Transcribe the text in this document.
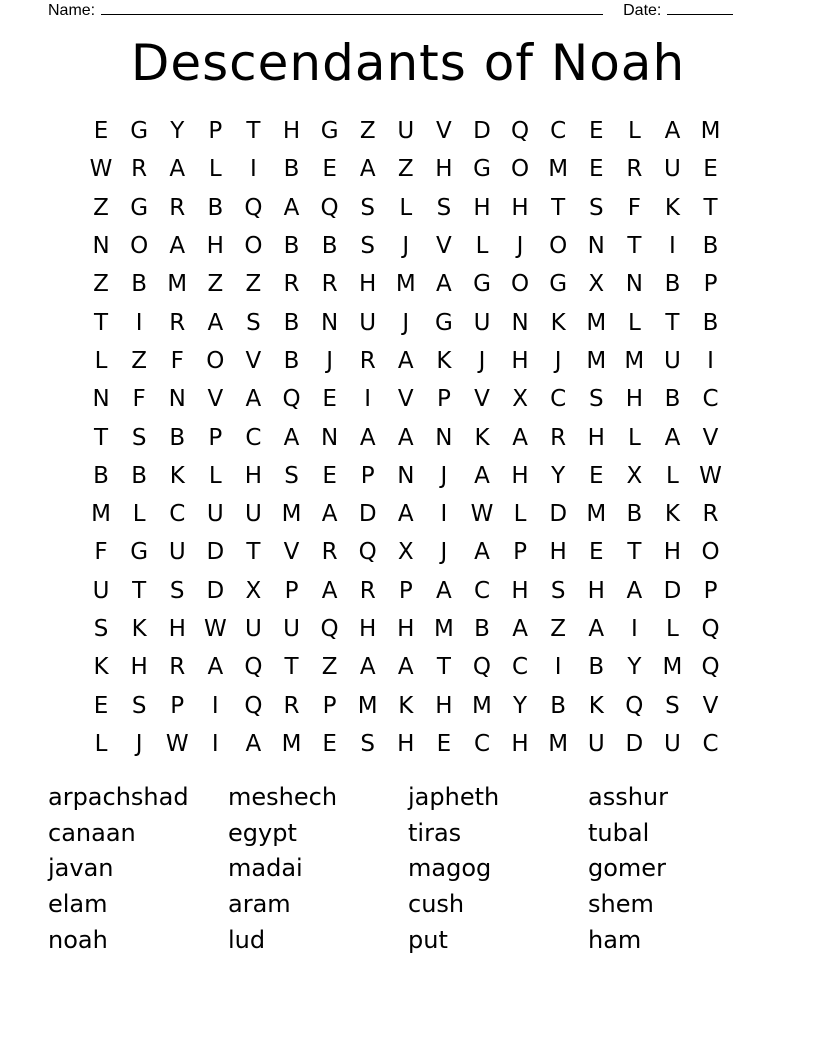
Name:	Date:
Descendants of Noah
E G Y	P	T H G Z U V D Q C E	L	A M
W R A	L	I	B E A Z H G O M E R U E
Z G R B Q A Q S	L	S H H T	S	F	K	T
N O A H O B B S	J	V	L	J	O N T	I	B
Z B M Z Z R R H M A G O G X N B	P
T	I	R A S B N U	J	G U N K M L	T	B
L	Z	F O V B	J	R A K	J	H	J	M M U	I
N F N V A Q E	I	V	P	V X C S H B C
T	S B	P	C A N A A N K A R H	L	A V
B B K	L	H S	E	P N	J	A H Y	E X	L W
M L	C U U M A D A	I	W L D M B K R
F G U D T	V R Q X	J	A	P H E	T H O
U T	S D X	P	A R	P	A C H S H A D P
S	K H W U U Q H H M B A Z A	I	L Q
K H R A Q T	Z A A	T Q C	I	B	Y M Q
E	S	P	I	Q R	P M K H M Y	B K Q S V
L	J	W	I	A M E	S H E C H M U D U C
arpachshad	meshech	japheth	asshur
canaan	egypt	tiras	tubal
javan	madai	magog	gomer
elam	aram	cush	shem
noah	lud	put	ham
